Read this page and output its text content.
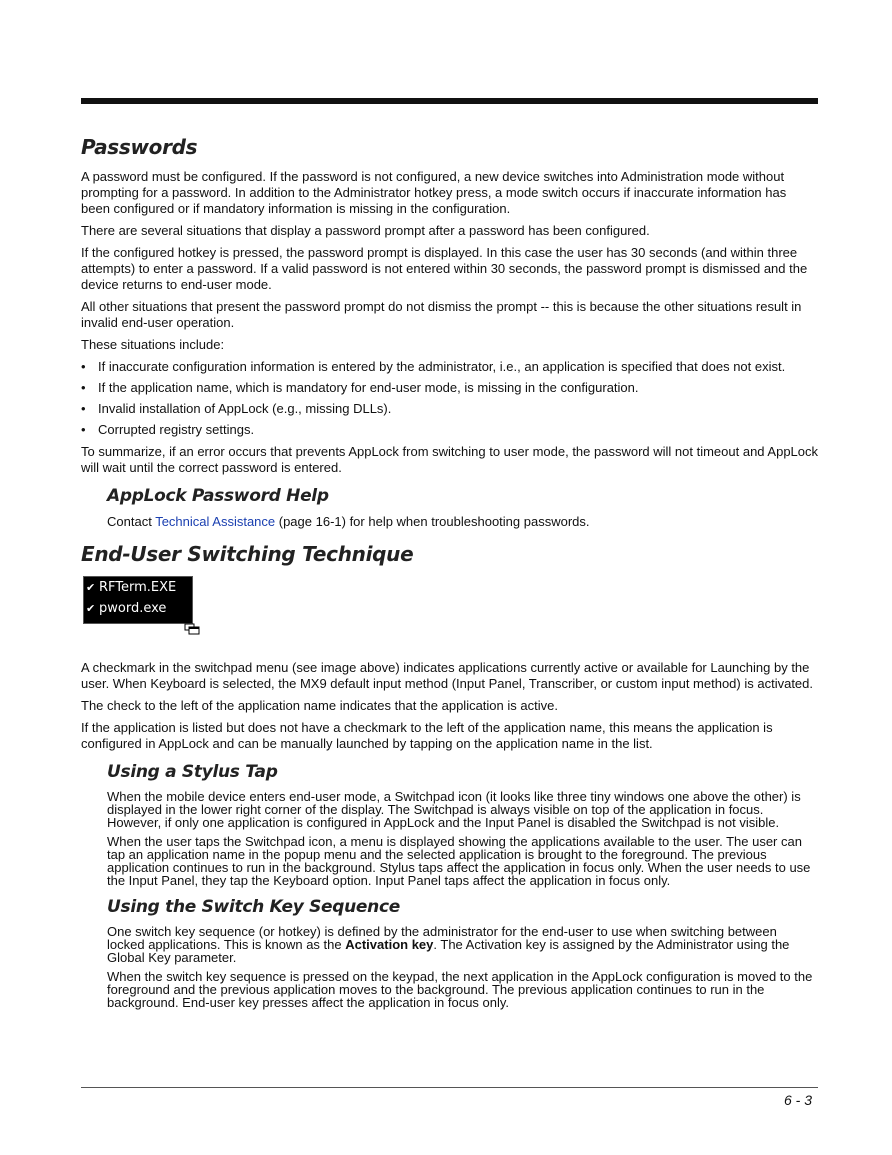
Passwords

A password must be configured. If the password is not configured, a new device switches into Administration mode without prompting for a password. In addition to the Administrator hotkey press, a mode switch occurs if inaccurate information has been configured or if mandatory information is missing in the configuration.

There are several situations that display a password prompt after a password has been configured.

If the configured hotkey is pressed, the password prompt is displayed. In this case the user has 30 seconds (and within three attempts) to enter a password. If a valid password is not entered within 30 seconds, the password prompt is dismissed and the device returns to end-user mode.

All other situations that present the password prompt do not dismiss the prompt -- this is because the other situations result in invalid end-user operation.

These situations include:

• If inaccurate configuration information is entered by the administrator, i.e., an application is specified that does not exist.
• If the application name, which is mandatory for end-user mode, is missing in the configuration.
• Invalid installation of AppLock (e.g., missing DLLs).
• Corrupted registry settings.

To summarize, if an error occurs that prevents AppLock from switching to user mode, the password will not timeout and AppLock will wait until the correct password is entered.

AppLock Password Help

Contact Technical Assistance (page 16-1) for help when troubleshooting passwords.

End-User Switching Technique
✔ RFTerm.EXE
✔ pword.exe

A checkmark in the switchpad menu (see image above) indicates applications currently active or available for Launching by the user. When Keyboard is selected, the MX9 default input method (Input Panel, Transcriber, or custom input method) is activated.

The check to the left of the application name indicates that the application is active.

If the application is listed but does not have a checkmark to the left of the application name, this means the application is configured in AppLock and can be manually launched by tapping on the application name in the list.

Using a Stylus Tap

When the mobile device enters end-user mode, a Switchpad icon (it looks like three tiny windows one above the other) is displayed in the lower right corner of the display. The Switchpad is always visible on top of the application in focus. However, if only one application is configured in AppLock and the Input Panel is disabled the Switchpad is not visible.

When the user taps the Switchpad icon, a menu is displayed showing the applications available to the user. The user can tap an application name in the popup menu and the selected application is brought to the foreground. The previous application continues to run in the background. Stylus taps affect the application in focus only. When the user needs to use the Input Panel, they tap the Keyboard option. Input Panel taps affect the application in focus only.

Using the Switch Key Sequence

One switch key sequence (or hotkey) is defined by the administrator for the end-user to use when switching between locked applications. This is known as the Activation key. The Activation key is assigned by the Administrator using the Global Key parameter.

When the switch key sequence is pressed on the keypad, the next application in the AppLock configuration is moved to the foreground and the previous application moves to the background. The previous application continues to run in the background. End-user key presses affect the application in focus only.

6 - 3
